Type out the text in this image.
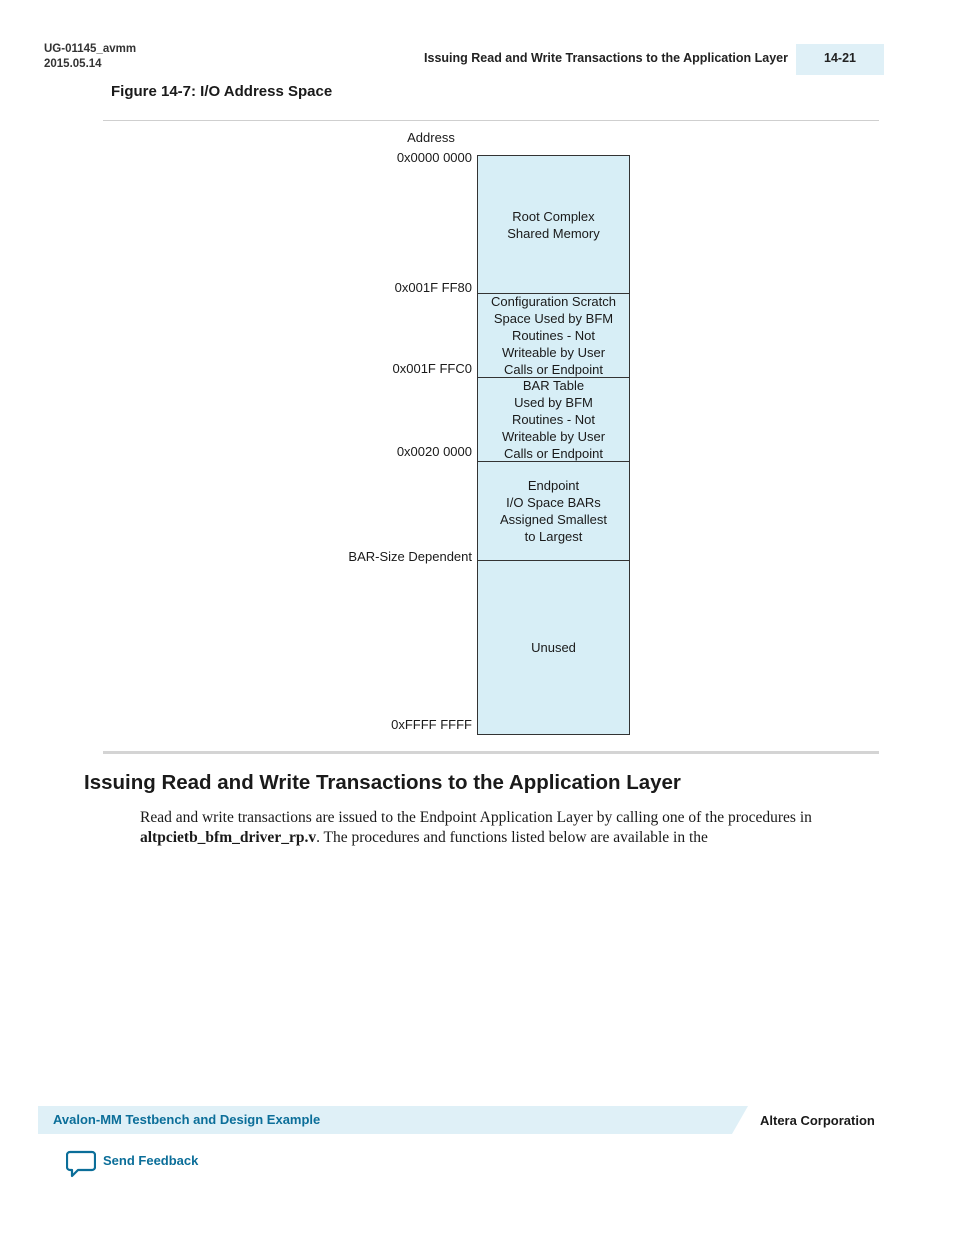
UG-01145_avmm
2015.05.14	Issuing Read and Write Transactions to the Application Layer	14-21
Figure 14-7: I/O Address Space
Address
0x0000 0000
0x001F FF80
0x001F FFC0
0x0020 0000
BAR-Size Dependent
0xFFFF FFFF
Root Complex
Shared Memory
Configuration Scratch
Space Used by BFM
Routines - Not
Writeable by User
Calls or Endpoint
BAR Table
Used by BFM
Routines - Not
Writeable by User
Calls or Endpoint
Endpoint
I/O Space BARs
Assigned Smallest
to Largest
Unused
Issuing Read and Write Transactions to the Application Layer
Read and write transactions are issued to the Endpoint Application Layer by calling one of the procedures in altpcietb_bfm_driver_rp.v. The procedures and functions listed below are available in the
Avalon-MM Testbench and Design Example	Altera Corporation
Send Feedback
